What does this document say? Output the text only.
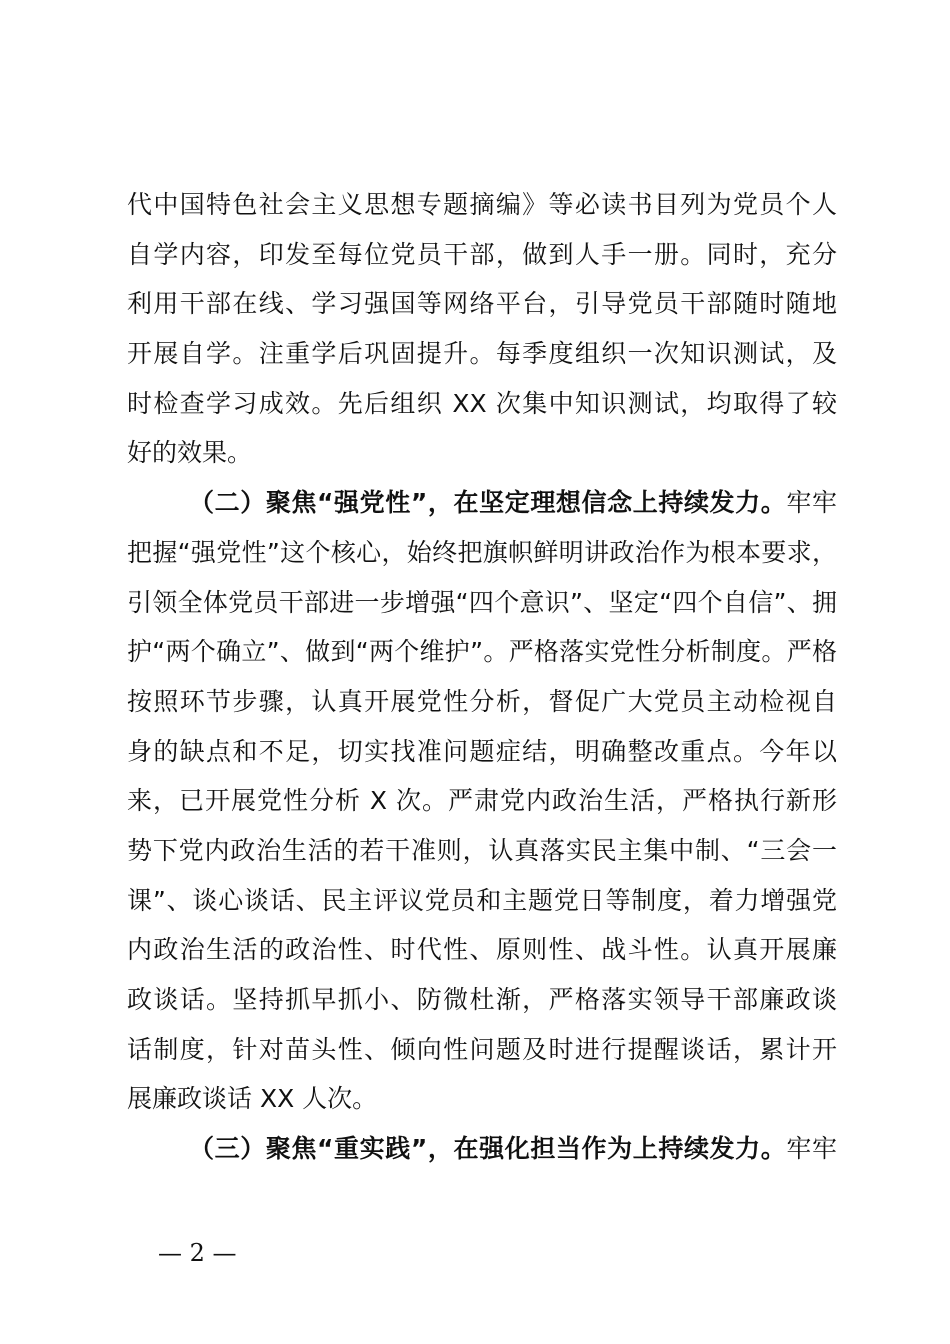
代中国特色社会主义思想专题摘编》等必读书目列为党员个人
自学内容，印发至每位党员干部，做到人手一册。同时，充分
利用干部在线、学习强国等网络平台，引导党员干部随时随地
开展自学。注重学后巩固提升。每季度组织一次知识测试，及
时检查学习成效。先后组织 XX 次集中知识测试，均取得了较
好的效果。
（二）聚焦“强党性”，在坚定理想信念上持续发力。牢牢
把握“强党性”这个核心，始终把旗帜鲜明讲政治作为根本要求，
引领全体党员干部进一步增强“四个意识”、坚定“四个自信”、拥
护“两个确立”、做到“两个维护”。严格落实党性分析制度。严格
按照环节步骤，认真开展党性分析，督促广大党员主动检视自
身的缺点和不足，切实找准问题症结，明确整改重点。今年以
来，已开展党性分析 X 次。严肃党内政治生活，严格执行新形
势下党内政治生活的若干准则，认真落实民主集中制、“三会一
课”、谈心谈话、民主评议党员和主题党日等制度，着力增强党
内政治生活的政治性、时代性、原则性、战斗性。认真开展廉
政谈话。坚持抓早抓小、防微杜渐，严格落实领导干部廉政谈
话制度，针对苗头性、倾向性问题及时进行提醒谈话，累计开
展廉政谈话 XX 人次。
（三）聚焦“重实践”，在强化担当作为上持续发力。牢牢
— 2 —
